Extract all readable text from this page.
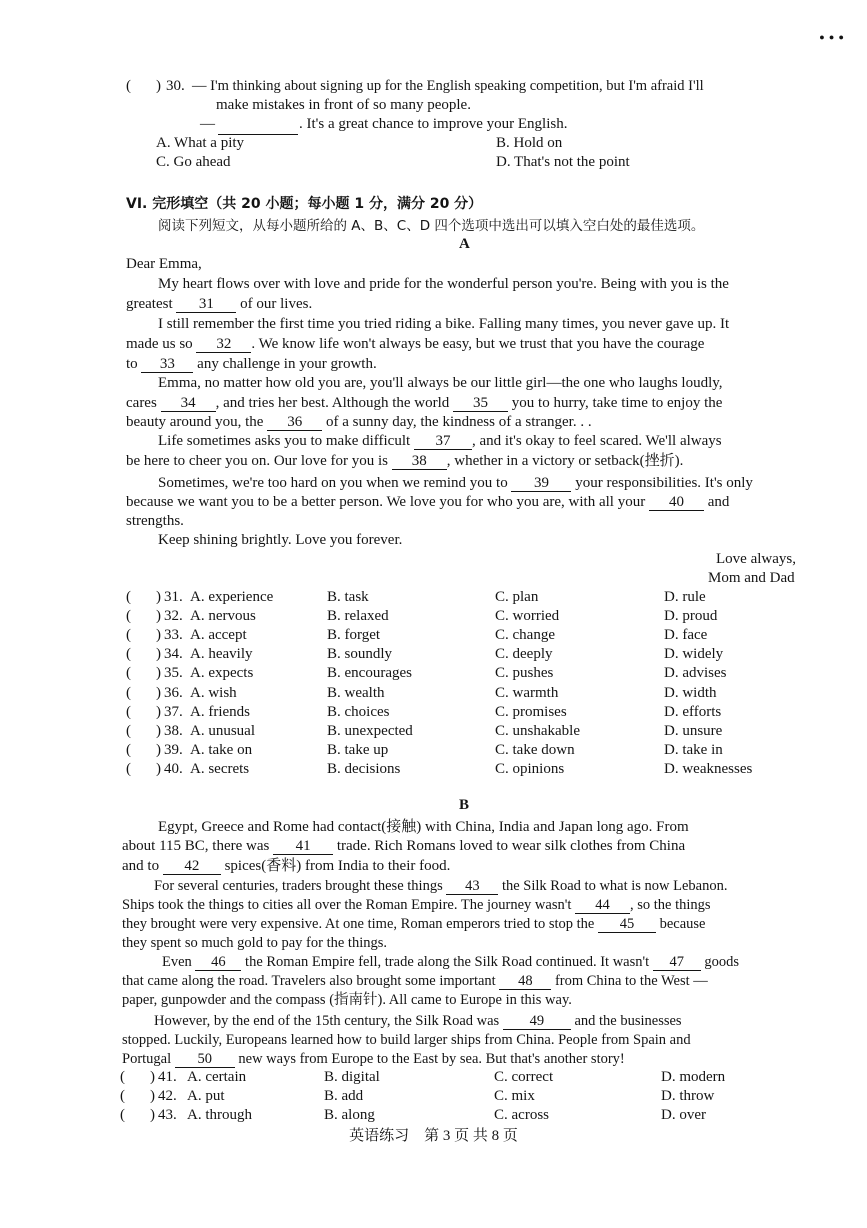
● ● ●
( ) 30. — I'm thinking about signing up for the English speaking competition, but I'm afraid I'll
make mistakes in front of so many people.
—	. It's a great chance to improve your English.
A. What a pity	B. Hold on
C. Go ahead	D. That's not the point
VI. 完形填空（共 20 小题；每小题 1 分，满分 20 分）
阅读下列短文，从每小题所给的 A、B、C、D 四个选项中选出可以填入空白处的最佳选项。
A
Dear Emma,
My heart flows over with love and pride for the wonderful person you're. Being with you is the
greatest 31 of our lives.
I still remember the first time you tried riding a bike. Falling many times, you never gave up. It
made us so 32 . We know life won't always be easy, but we trust that you have the courage
to 33 any challenge in your growth.
Emma, no matter how old you are, you'll always be our little girl—the one who laughs loudly,
cares 34 , and tries her best. Although the world 35 you to hurry, take time to enjoy the
beauty around you, the 36 of a sunny day, the kindness of a stranger. . .
Life sometimes asks you to make difficult 37 , and it's okay to feel scared. We'll always
be here to cheer you on. Our love for you is 38 , whether in a victory or setback(挫折).
Sometimes, we're too hard on you when we remind you to 39 your responsibilities. It's only
because we want you to be a better person. We love you for who you are, with all your 40 and
strengths.
Keep shining brightly. Love you forever.
Love always,
Mom and Dad
( ) 31. A. experience	B. task	C. plan	D. rule
( ) 32. A. nervous	B. relaxed	C. worried	D. proud
( ) 33. A. accept	B. forget	C. change	D. face
( ) 34. A. heavily	B. soundly	C. deeply	D. widely
( ) 35. A. expects	B. encourages	C. pushes	D. advises
( ) 36. A. wish	B. wealth	C. warmth	D. width
( ) 37. A. friends	B. choices	C. promises	D. efforts
( ) 38. A. unusual	B. unexpected	C. unshakable	D. unsure
( ) 39. A. take on	B. take up	C. take down	D. take in
( ) 40. A. secrets	B. decisions	C. opinions	D. weaknesses
B
Egypt, Greece and Rome had contact(接触) with China, India and Japan long ago. From
about 115 BC, there was 41 trade. Rich Romans loved to wear silk clothes from China
and to 42 spices(香料) from India to their food.
For several centuries, traders brought these things 43 the Silk Road to what is now Lebanon.
Ships took the things to cities all over the Roman Empire. The journey wasn't 44 , so the things
they brought were very expensive. At one time, Roman emperors tried to stop the 45 because
they spent so much gold to pay for the things.
Even 46 the Roman Empire fell, trade along the Silk Road continued. It wasn't 47 goods
that came along the road. Travelers also brought some important 48 from China to the West —
paper, gunpowder and the compass (指南针). All came to Europe in this way.
However, by the end of the 15th century, the Silk Road was 49 and the businesses
stopped. Luckily, Europeans learned how to build larger ships from China. People from Spain and
Portugal 50 new ways from Europe to the East by sea. But that's another story!
( ) 41. A. certain	B. digital	C. correct	D. modern
( ) 42. A. put	B. add	C. mix	D. throw
( ) 43. A. through	B. along	C. across	D. over
英语练习　第 3 页 共 8 页
